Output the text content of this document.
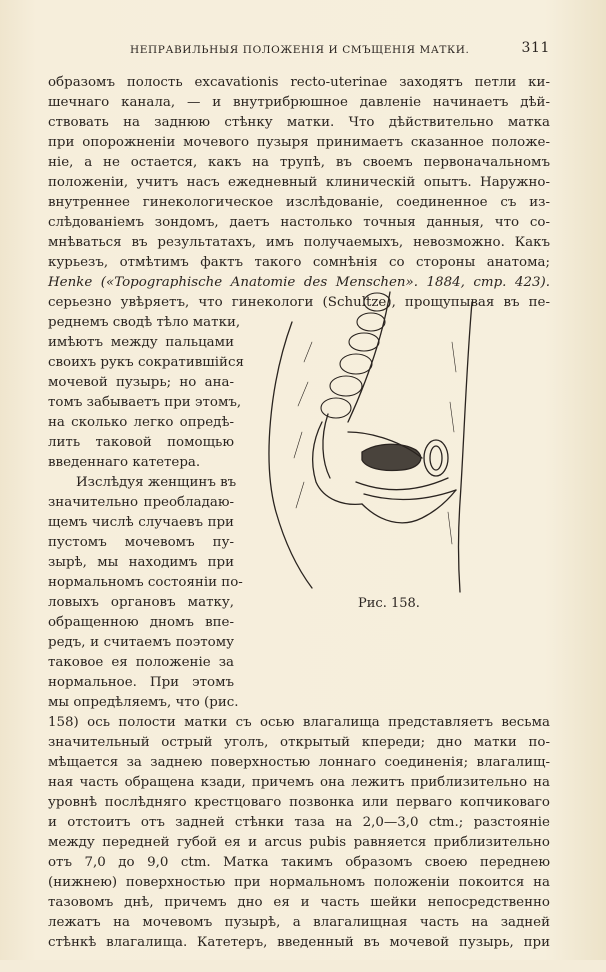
НЕПРАВИЛЬНЫЯ ПОЛОЖЕНІЯ И СМЪЩЕНІЯ МАТКИ.	311
образомъ полость excavationis recto-uterinae заходятъ петли ки-
шечнаго канала, — и внутрибрюшное давленіе начинаетъ дѣй-
ствовать на заднюю стѣнку матки. Что дѣйствительно матка
при опорожненіи мочевого пузыря принимаетъ сказанное положе-
ніе, а не остается, какъ на трупѣ, въ своемъ первоначальномъ
положеніи, учитъ насъ ежедневный клиническій опытъ. Наружно-
внутреннее гинекологическое изслѣдованіе, соединенное съ из-
слѣдованіемъ зондомъ, даетъ настолько точныя данныя, что со-
мнѣваться въ результатахъ, имъ получаемыхъ, невозможно. Какъ
курьезъ, отмѣтимъ фактъ такого сомнѣнія со стороны анатома;
Henke («Topographische Anatomie des Menschen». 1884, стр. 423).
серьезно увѣряетъ, что гинекологи (Schultze), прощупывая въ пе-
реднемъ сводѣ тѣло матки,
имѣютъ между пальцами
своихъ рукъ сократившійся
мочевой пузырь; но ана-
томъ забываетъ при этомъ,
на сколько легко опредѣ-
лить таковой помощью
введеннаго катетера.
Изслѣдуя женщинъ въ
значительно преобладаю-
щемъ числѣ случаевъ при
пустомъ мочевомъ пу-
зырѣ, мы находимъ при
нормальномъ состояніи по-
ловыхъ органовъ матку,
обращенною дномъ впе-
редъ, и считаемъ поэтому
таковое ея положеніе за
нормальное. При этомъ
мы опредѣляемъ, что (рис.
158) ось полости матки съ осью влагалища представляетъ весьма
значительный острый уголъ, открытый кпереди; дно матки по-
мѣщается за заднею поверхностью лоннаго соединенія; влагалищ-
ная часть обращена кзади, причемъ она лежитъ приблизительно на
уровнѣ послѣдняго крестцоваго позвонка или перваго копчиковаго
и отстоитъ отъ задней стѣнки таза на 2,0—3,0 ctm.; разстояніе
между передней губой ея и arcus pubis равняется приблизительно
отъ 7,0 до 9,0 ctm. Матка такимъ образомъ своею переднею
(нижнею) поверхностью при нормальномъ положеніи покоится на
тазовомъ днѣ, причемъ дно ея и часть шейки непосредственно
лежатъ на мочевомъ пузырѣ, а влагалищная часть на задней
стѣнкѣ влагалища. Катетеръ, введенный въ мочевой пузырь, при
Рис. 158.
